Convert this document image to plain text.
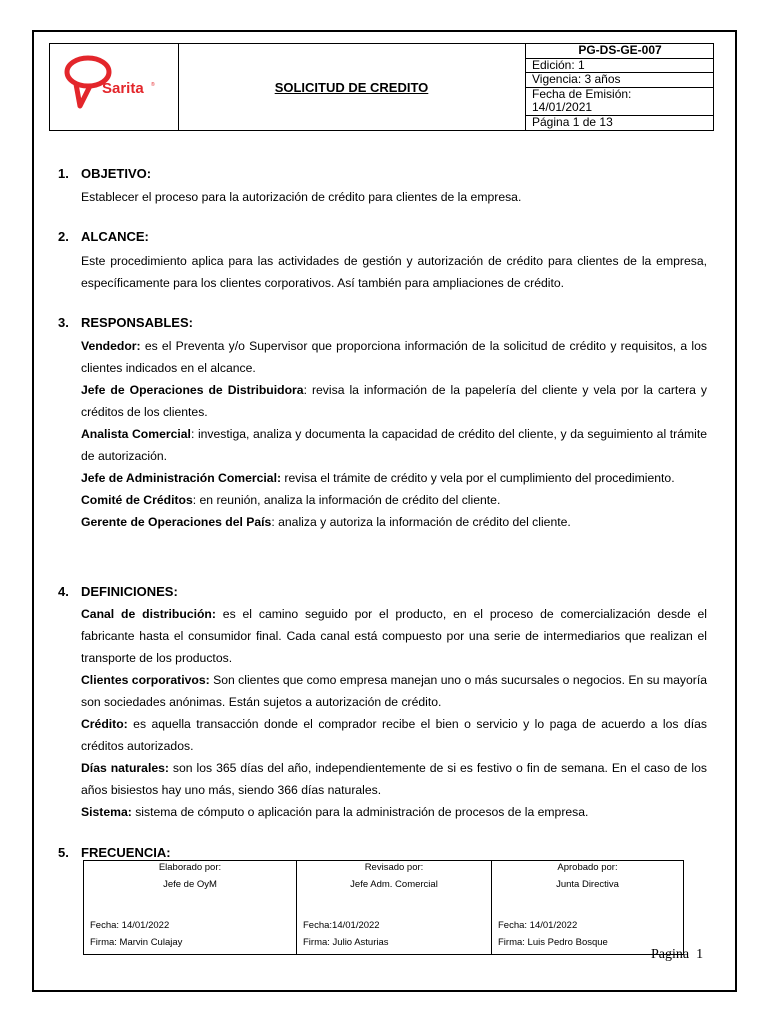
Sarita ®	SOLICITUD DE CREDITO
PG-DS-GE-007
Edición: 1
Vigencia: 3 años
Fecha de Emisión:
14/01/2021
Página 1 de 13
1. OBJETIVO:
Establecer el proceso para la autorización de crédito para clientes de la empresa.
2. ALCANCE:
Este procedimiento aplica para las actividades de gestión y autorización de crédito para clientes de la empresa, específicamente para los clientes corporativos. Así también para ampliaciones de crédito.
3. RESPONSABLES:
Vendedor: es el Preventa y/o Supervisor que proporciona información de la solicitud de crédito y requisitos, a los clientes indicados en el alcance.
Jefe de Operaciones de Distribuidora: revisa la información de la papelería del cliente y vela por la cartera y créditos de los clientes.
Analista Comercial: investiga, analiza y documenta la capacidad de crédito del cliente, y da seguimiento al trámite de autorización.
Jefe de Administración Comercial: revisa el trámite de crédito y vela por el cumplimiento del procedimiento.
Comité de Créditos: en reunión, analiza la información de crédito del cliente.
Gerente de Operaciones del País: analiza y autoriza la información de crédito del cliente.
4. DEFINICIONES:
Canal de distribución: es el camino seguido por el producto, en el proceso de comercialización desde el fabricante hasta el consumidor final. Cada canal está compuesto por una serie de intermediarios que realizan el transporte de los productos.
Clientes corporativos: Son clientes que como empresa manejan uno o más sucursales o negocios. En su mayoría son sociedades anónimas. Están sujetos a autorización de crédito.
Crédito: es aquella transacción donde el comprador recibe el bien o servicio y lo paga de acuerdo a los días créditos autorizados.
Días naturales: son los 365 días del año, independientemente de si es festivo o fin de semana. En el caso de los años bisiestos hay uno más, siendo 366 días naturales.
Sistema: sistema de cómputo o aplicación para la administración de procesos de la empresa.
5. FRECUENCIA:
Elaborado por:
Jefe de OyM
Fecha: 14/01/2022
Firma: Marvin Culajay
Revisado por:
Jefe Adm. Comercial
Fecha:14/01/2022
Firma: Julio Asturias
Aprobado por:
Junta Directiva
Fecha: 14/01/2022
Firma: Luis Pedro Bosque
Pagina 1
